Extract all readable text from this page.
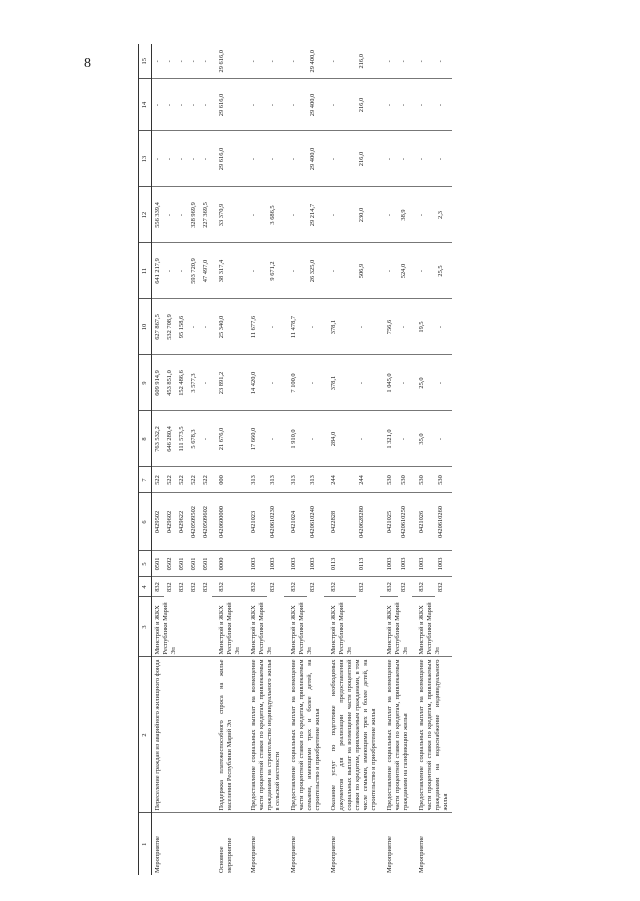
8
1	2	3	4	5	6	7	8	9	10	11	12	13	14	15
Мероприятие	Переселение граждан из аварийного жилищного фонда	Минстрой и ЖКХ Республики Марий Эл	832	0501	0429502	522	763 532,2	609 914,9	627 867,5	641 217,9	556 339,4	-	-	-
			832	0502	0429602	522	646 280,4	453 851,0	532 708,9	-	-	-	-	-
			832	0501	0429622	522	111 573,5	152 486,6	95 158,6	-	-	-	-	-
			832	0501	0420509502	522	5 678,3	3 577,3	-	593 720,9	328 969,9	-	-	-
			832	0501	0420509602	522	-	-	-	47 497,0	227 369,5	-	-	-
Основное мероприятие	Поддержка платежеспособного спроса на жилье населения Республики Марий Эл	Минстрой и ЖКХ Республики Марий Эл	832	0000	0420600000	000	21 676,0	23 891,2	25 340,0	38 317,4	33 370,9	29 616,0	29 616,0	29 616,0
Мероприятие	Предоставление социальных выплат на возмещение части процентной ставки по кредитам, привлекаемым гражданами на строительство индивидуального жилья в сельской местности	Минстрой и ЖКХ Республики Марий Эл	832	1003	0421023	313	17 660,0	14 420,0	11 677,6	-	-	-	-	-
			832	1003	0420610230	313	-	-	-	9 671,2	3 686,5	-	-	-
Мероприятие	Предоставление социальных выплат на возмещение части процентной ставки по кредитам, привлекаемым семьями, имеющими трех и более детей, на строительство и приобретение жилья	Минстрой и ЖКХ Республики Марий Эл	832	1003	0421024	313	1 910,0	7 100,0	11 478,7	-	-	-	-	-
			832	1003	0420610240	313	-	-	-	26 325,0	29 214,7	29 400,0	29 400,0	29 400,0
Мероприятие	Оказание услуг по подготовке необходимых документов для реализации предоставления социальных выплат на возмещение части процентной ставки по кредитам, привлекаемым гражданами, в том числе семьями, имеющими трех и более детей, на строительство и приобретение жилья	Минстрой и ЖКХ Республики Марий Эл	832	0113	0422828	244	284,0	378,1	378,1	-	-	-	-	-
			832	0113	0420628280	244	-	-	-	506,9	230,0	216,0	216,0	216,0
Мероприятие	Предоставление социальных выплат на возмещение части процентной ставки по кредитам, привлекаемым гражданами на газификацию жилья	Минстрой и ЖКХ Республики Марий Эл	832	1003	0421025	530	1 321,0	1 045,0	756,6	-	-	-	-	-
			832	1003	0420610250	530	-	-	-	524,0	38,9	-	-	-
Мероприятие	Предоставление социальных выплат на возмещение части процентной ставки по кредитам, привлекаемым гражданами на водоснабжение индивидуального жилья	Минстрой и ЖКХ Республики Марий Эл	832	1003	0421026	530	35,0	25,0	19,5	-	-	-	-	-
			832	1003	0420610260	530	-	-	-	25,5	2,3	-	-	-
